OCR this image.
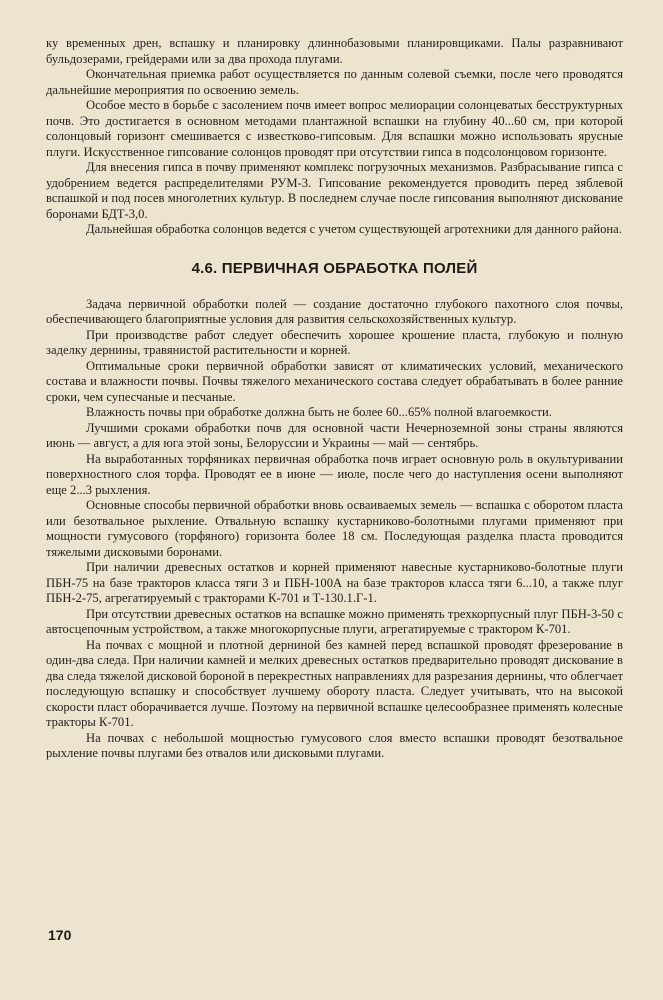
ку временных дрен, вспашку и планировку длиннобазовыми планировщиками. Палы разравнивают бульдозерами, грейдерами или за два прохода плугами.

Окончательная приемка работ осуществляется по данным солевой съемки, после чего проводятся дальнейшие мероприятия по освоению земель.

Особое место в борьбе с засолением почв имеет вопрос мелиорации солонцеватых бесструктурных почв. Это достигается в основном методами плантажной вспашки на глубину 40...60 см, при которой солонцовый горизонт смешивается с известково-гипсовым. Для вспашки можно использовать ярусные плуги. Искусственное гипсование солонцов проводят при отсутствии гипса в подсолонцовом горизонте.

Для внесения гипса в почву применяют комплекс погрузочных механизмов. Разбрасывание гипса с удобрением ведется распределителями РУМ-3. Гипсование рекомендуется проводить перед зяблевой вспашкой и под посев многолетних культур. В последнем случае после гипсования выполняют дискование боронами БДТ-3,0.

Дальнейшая обработка солонцов ведется с учетом существующей агротехники для данного района.

4.6. ПЕРВИЧНАЯ ОБРАБОТКА ПОЛЕЙ

Задача первичной обработки полей — создание достаточно глубокого пахотного слоя почвы, обеспечивающего благоприятные условия для развития сельскохозяйственных культур.

При производстве работ следует обеспечить хорошее крошение пласта, глубокую и полную заделку дернины, травянистой растительности и корней.

Оптимальные сроки первичной обработки зависят от климатических условий, механического состава и влажности почвы. Почвы тяжелого механического состава следует обрабатывать в более ранние сроки, чем супесчаные и песчаные.

Влажность почвы при обработке должна быть не более 60...65% полной влагоемкости.

Лучшими сроками обработки почв для основной части Нечерноземной зоны страны являются июнь — август, а для юга этой зоны, Белоруссии и Украины — май — сентябрь.

На выработанных торфяниках первичная обработка почв играет основную роль в окультуривании поверхностного слоя торфа. Проводят ее в июне — июле, после чего до наступления осени выполняют еще 2...3 рыхления.

Основные способы первичной обработки вновь осваиваемых земель — вспашка с оборотом пласта или безотвальное рыхление. Отвальную вспашку кустарниково-болотными плугами применяют при мощности гумусового (торфяного) горизонта более 18 см. Последующая разделка пласта проводится тяжелыми дисковыми боронами.

При наличии древесных остатков и корней применяют навесные кустарниково-болотные плуги ПБН-75 на базе тракторов класса тяги 3 и ПБН-100А на базе тракторов класса тяги 6...10, а также плуг ПБН-2-75, агрегатируемый с тракторами К-701 и Т-130.1.Г-1.

При отсутствии древесных остатков на вспашке можно применять трехкорпусный плуг ПБН-3-50 с автосцепочным устройством, а также многокорпусные плуги, агрегатируемые с трактором К-701.

На почвах с мощной и плотной дерниной без камней перед вспашкой проводят фрезерование в один-два следа. При наличии камней и мелких древесных остатков предварительно проводят дискование в два следа тяжелой дисковой бороной в перекрестных направлениях для разрезания дернины, что облегчает последующую вспашку и способствует лучшему обороту пласта. Следует учитывать, что на высокой скорости пласт оборачивается лучше. Поэтому на первичной вспашке целесообразнее применять колесные тракторы К-701.

На почвах с небольшой мощностью гумусового слоя вместо вспашки проводят безотвальное рыхление почвы плугами без отвалов или дисковыми плугами.

170
